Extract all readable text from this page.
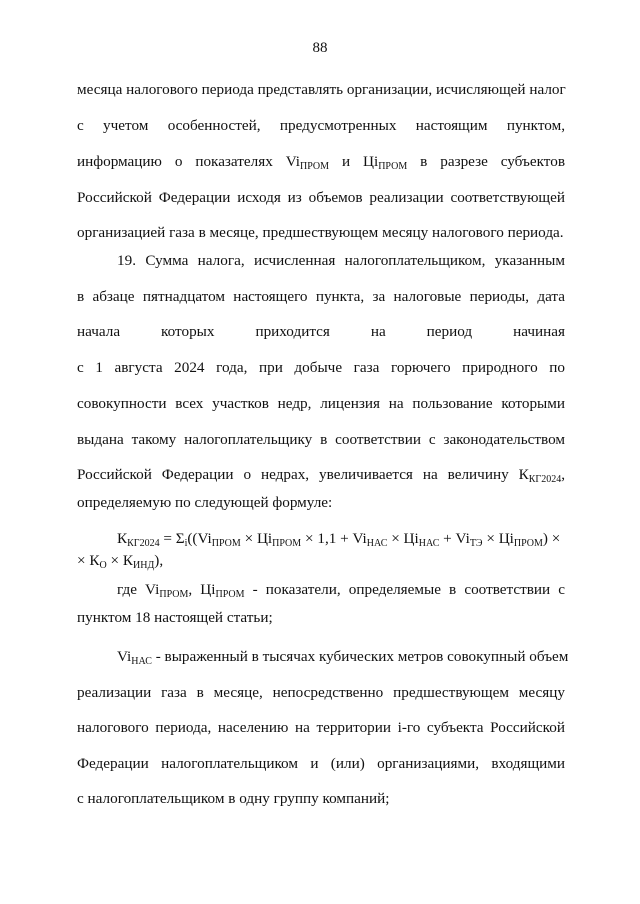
88
месяца налогового периода представлять организации, исчисляющей налог
с учетом особенностей, предусмотренных настоящим пунктом,
информацию о показателях $Vi_{ПРОМ}$ и $Ці_{ПРОМ}$ в разрезе субъектов
Российской Федерации исходя из объемов реализации соответствующей
организацией газа в месяце, предшествующем месяцу налогового периода.
19. Сумма налога, исчисленная налогоплательщиком, указанным
в абзаце пятнадцатом настоящего пункта, за налоговые периоды, дата
начала которых приходится на период начиная
с 1 августа 2024 года, при добыче газа горючего природного по
совокупности всех участков недр, лицензия на пользование которыми
выдана такому налогоплательщику в соответствии с законодательством
Российской Федерации о недрах, увеличивается на величину $К_{КГ2024}$,
определяемую по следующей формуле:
$К_{КГ2024} = \Sigma_i((Vi_{ПРОМ} \times Ці_{ПРОМ} \times 1,1 + Vi_{НАС} \times Ці_{НАС} + Vi_{ТЭ} \times Ці_{ПРОМ})$ ×
× $К_О \times К_{ИНД}$),
где $Vi_{ПРОМ}$, $Ці_{ПРОМ}$ - показатели, определяемые в соответствии с
пунктом 18 настоящей статьи;
$Vi_{НАС}$ - выраженный в тысячах кубических метров совокупный объем
реализации газа в месяце, непосредственно предшествующем месяцу
налогового периода, населению на территории i-го субъекта Российской
Федерации налогоплательщиком и (или) организациями, входящими
с налогоплательщиком в одну группу компаний;
